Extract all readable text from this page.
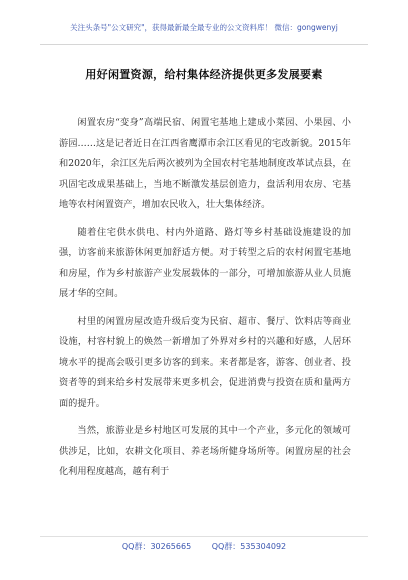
关注头条号"公文研究"，获得最新最全最专业的公文资料库！ 微信：gongwenyj
用好闲置资源，给村集体经济提供更多发展要素

闲置农房“变身”高端民宿、闲置宅基地上建成小菜园、小果园、小游园……这是记者近日在江西省鹰潭市余江区看见的宅改新貌。2015年和2020年，余江区先后两次被列为全国农村宅基地制度改革试点县，在巩固宅改成果基础上，当地不断激发基层创造力，盘活利用农房、宅基地等农村闲置资产，增加农民收入，壮大集体经济。

随着住宅供水供电、村内外道路、路灯等乡村基础设施建设的加强，访客前来旅游休闲更加舒适方便。对于转型之后的农村闲置宅基地和房屋，作为乡村旅游产业发展载体的一部分，可增加旅游从业人员施展才华的空间。

村里的闲置房屋改造升级后变为民宿、超市、餐厅、饮料店等商业设施，村容村貌上的焕然一新增加了外界对乡村的兴趣和好感，人居环境水平的提高会吸引更多访客的到来。来者都是客，游客、创业者、投资者等的到来给乡村发展带来更多机会，促进消费与投资在质和量两方面的提升。

当然，旅游业是乡村地区可发展的其中一个产业，多元化的领域可供涉足，比如，农耕文化项目、养老场所健身场所等。闲置房屋的社会化利用程度越高，越有利于

QQ群：30265665	QQ群：535304092
